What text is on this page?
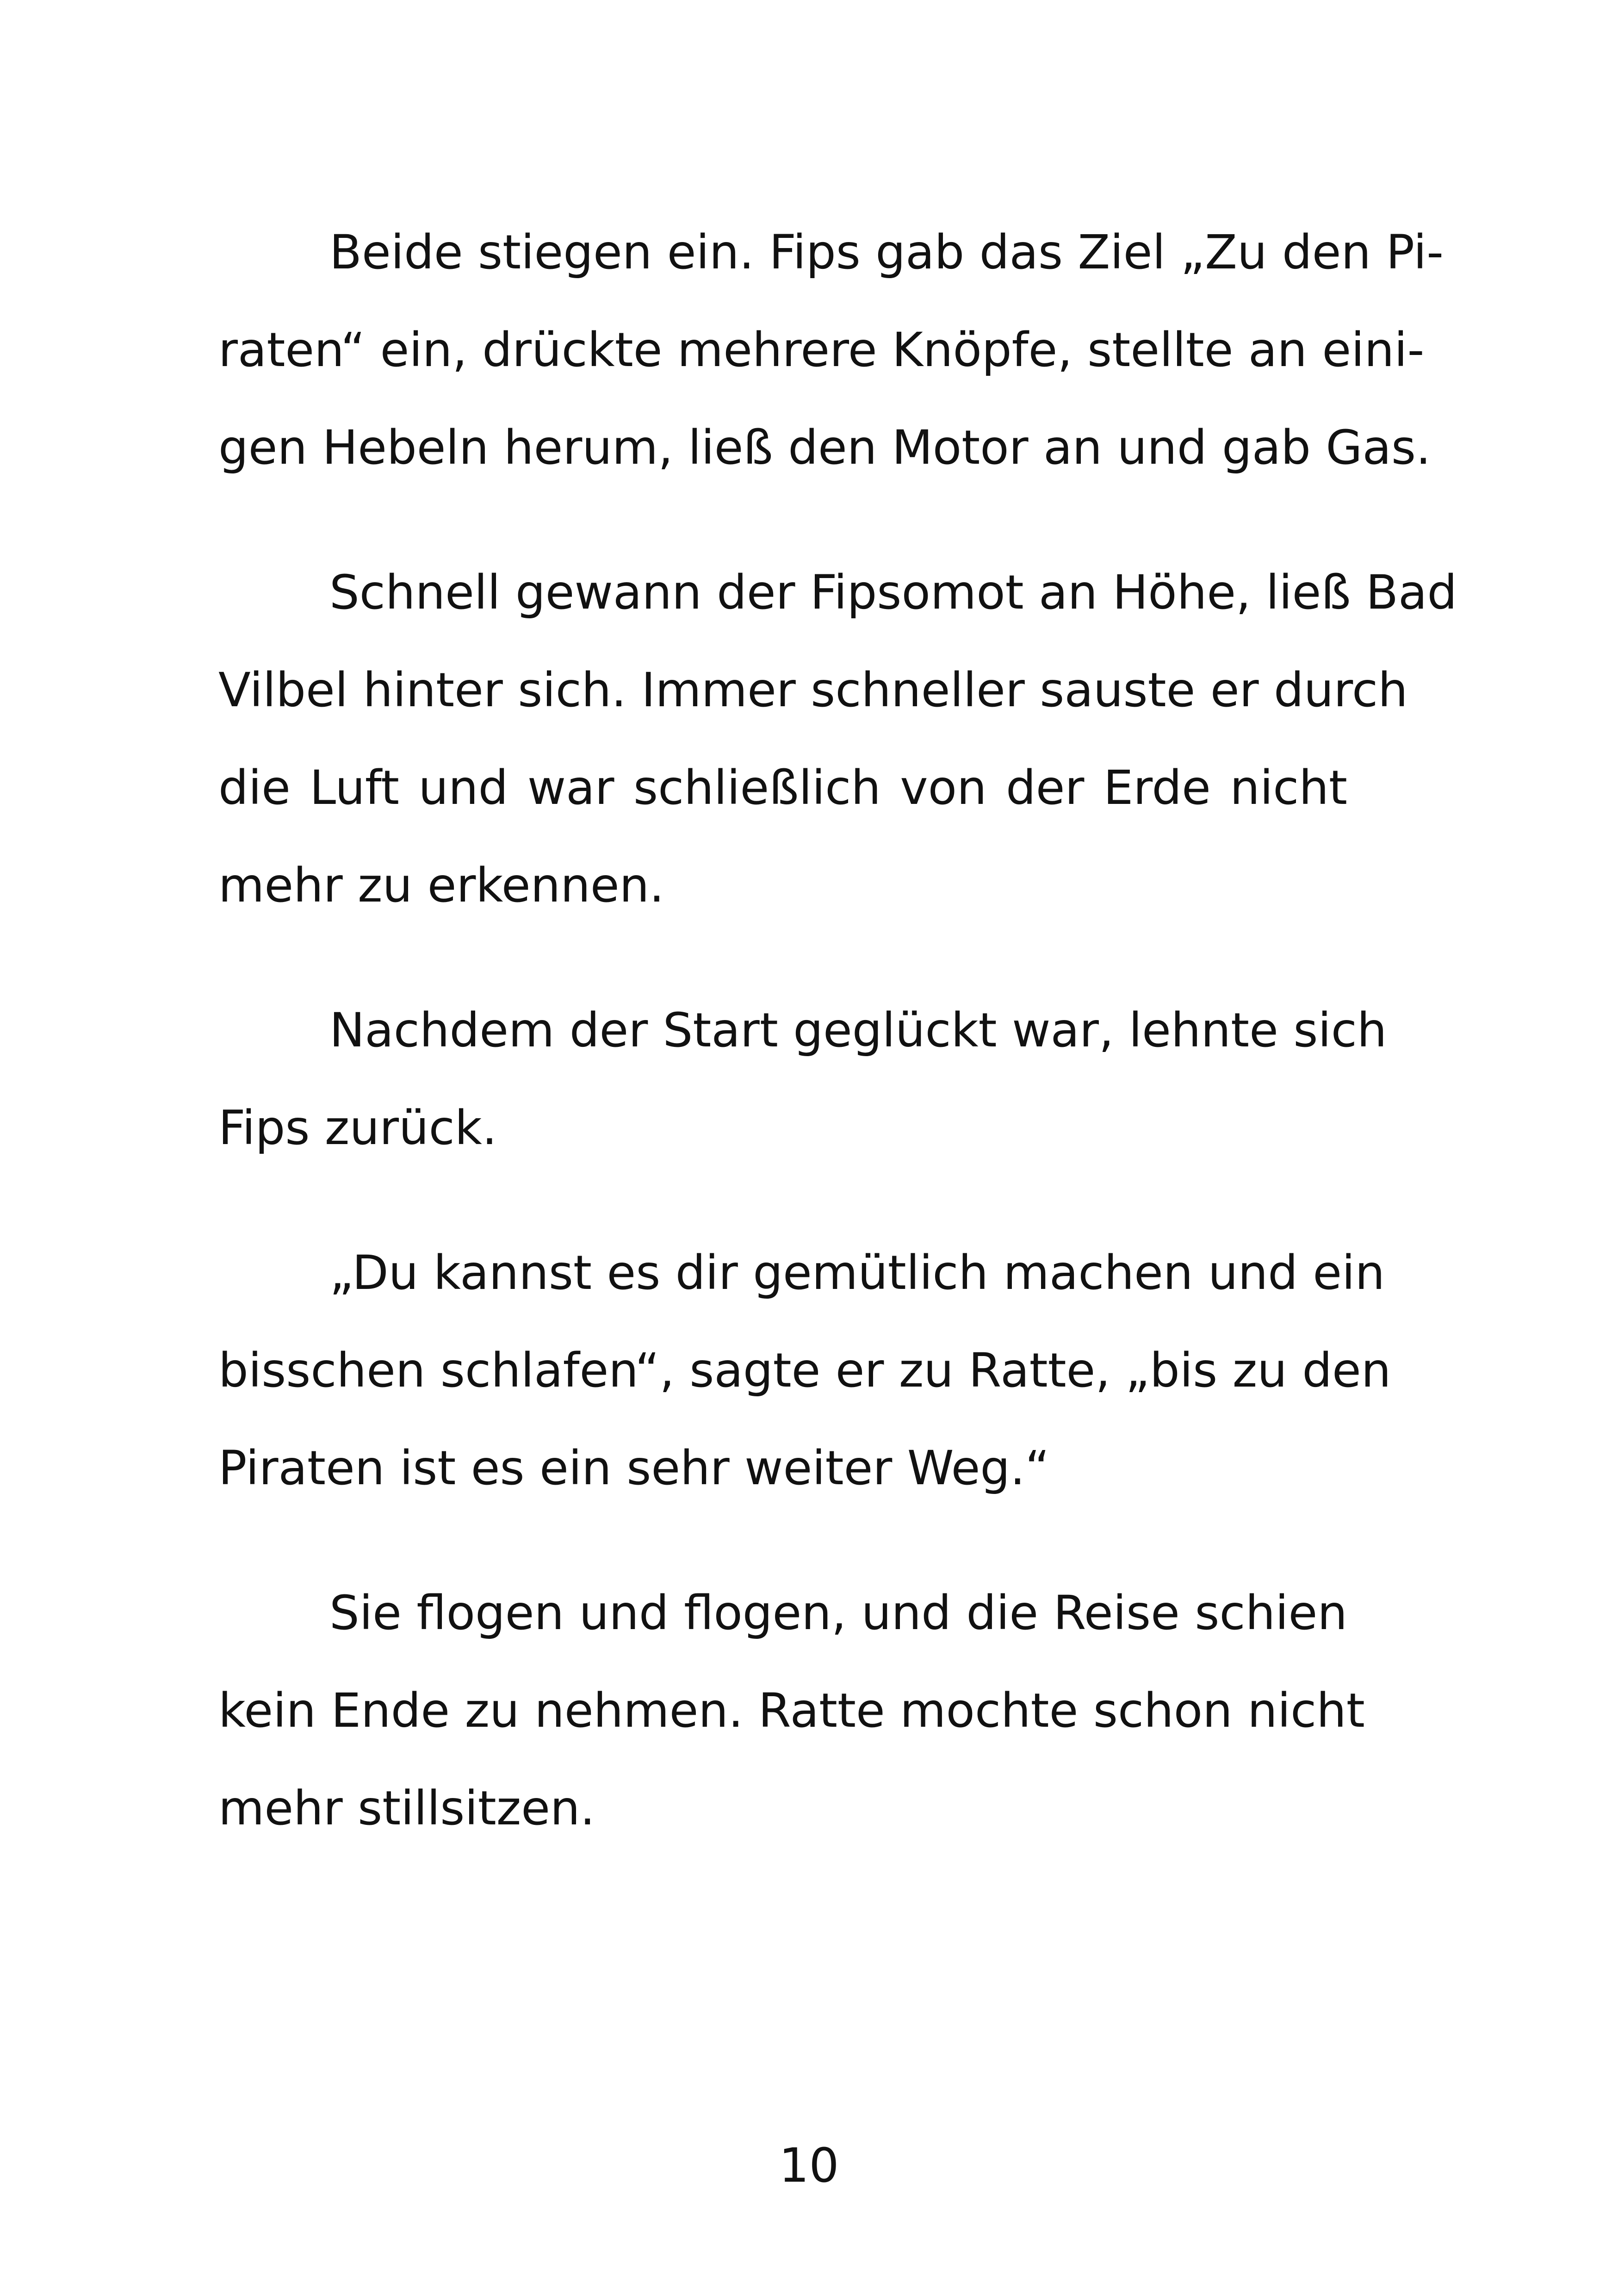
Beide stiegen ein. Fips gab das Ziel „Zu den Pi-
raten“ ein, drückte mehrere Knöpfe, stellte an eini-
gen Hebeln herum, ließ den Motor an und gab Gas.
Schnell gewann der Fipsomot an Höhe, ließ Bad
Vilbel hinter sich. Immer schneller sauste er durch
die Luft und war schließlich von der Erde nicht
mehr zu erkennen.
Nachdem der Start geglückt war, lehnte sich
Fips zurück.
„Du kannst es dir gemütlich machen und ein
bisschen schlafen“, sagte er zu Ratte, „bis zu den
Piraten ist es ein sehr weiter Weg.“
Sie flogen und flogen, und die Reise schien
kein Ende zu nehmen. Ratte mochte schon nicht
mehr stillsitzen.
10
